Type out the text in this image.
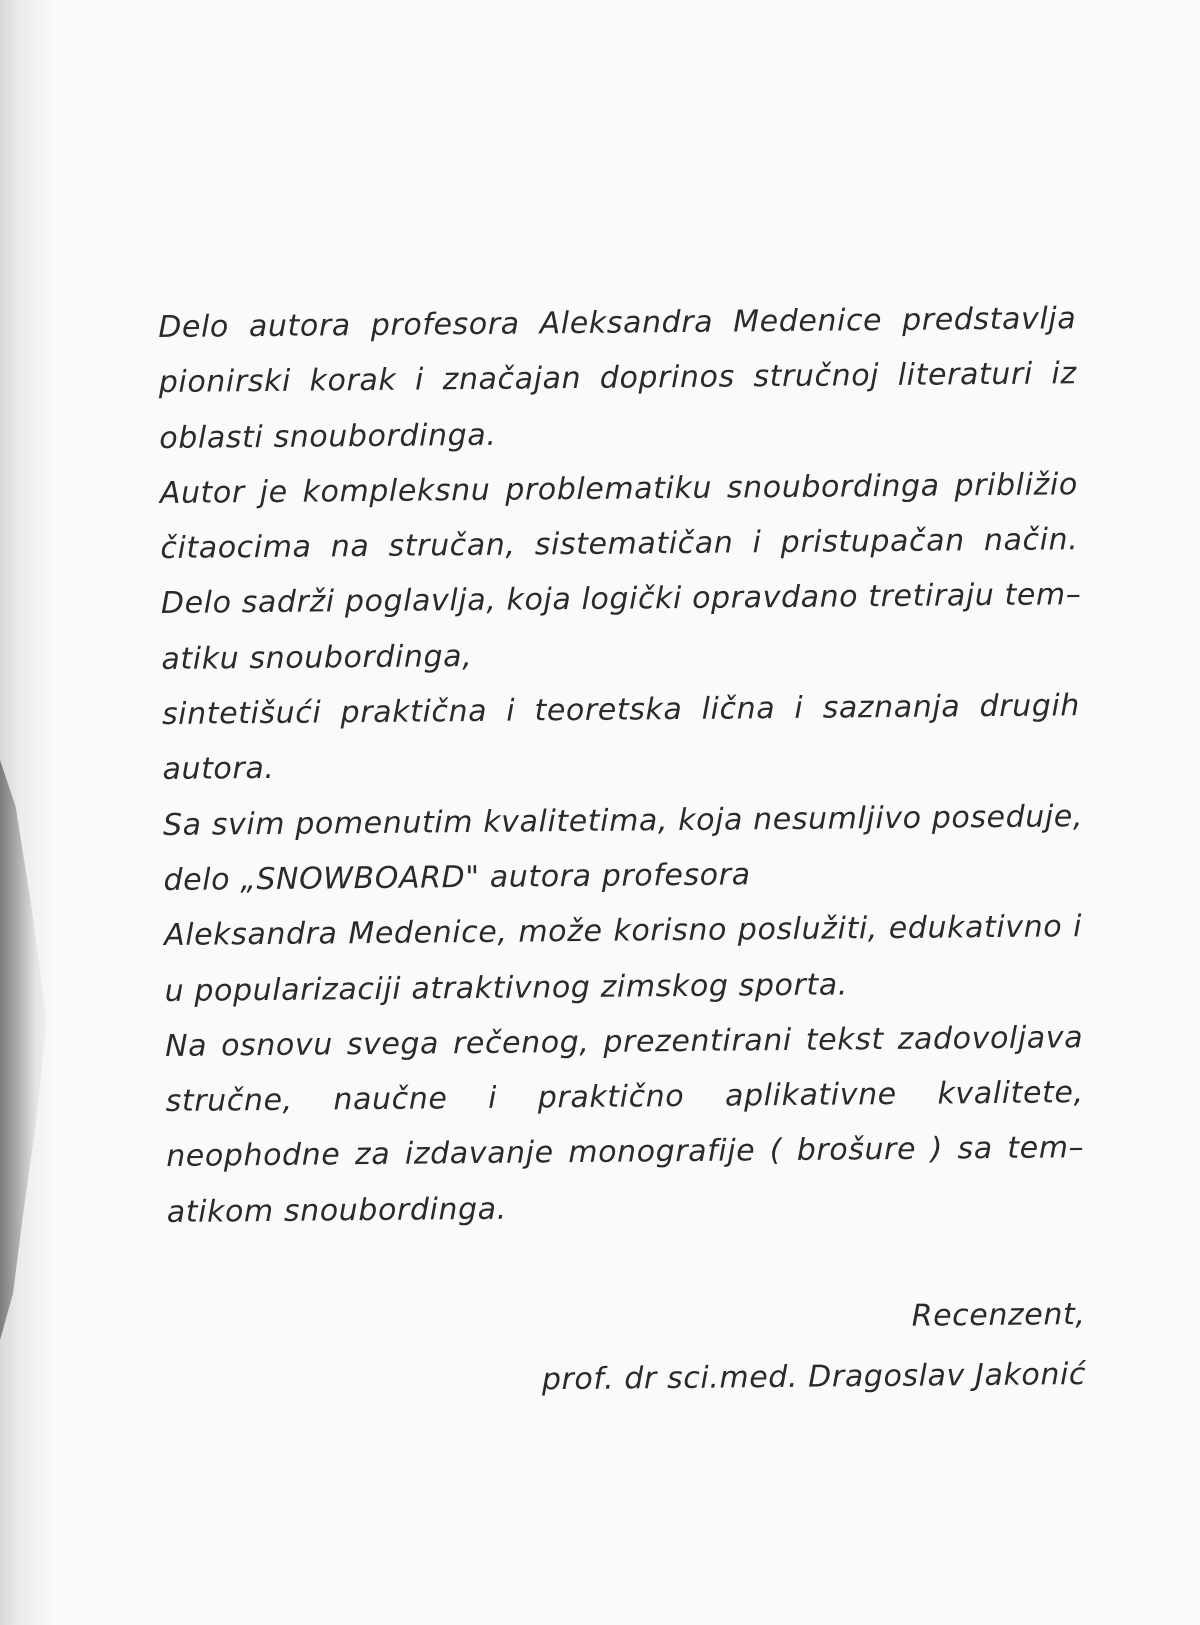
Delo autora profesora Aleksandra Medenice predstavlja
pionirski korak i značajan doprinos stručnoj literaturi iz
oblasti snoubordinga.
Autor je kompleksnu problematiku snoubordinga približio
čitaocima na stručan, sistematičan i pristupačan način.
Delo sadrži poglavlja, koja logički opravdano tretiraju tem–
atiku snoubordinga,
sintetišući praktična i teoretska lična i saznanja drugih
autora.
Sa svim pomenutim kvalitetima, koja nesumljivo poseduje,
delo „SNOWBOARD" autora profesora
Aleksandra Medenice, može korisno poslužiti, edukativno i
u popularizaciji atraktivnog zimskog sporta.
Na osnovu svega rečenog, prezentirani tekst zadovoljava
stručne, naučne i praktično aplikativne kvalitete,
neophodne za izdavanje monografije ( brošure ) sa tem–
atikom snoubordinga.
Recenzent,
prof. dr sci.med. Dragoslav Jakonić
